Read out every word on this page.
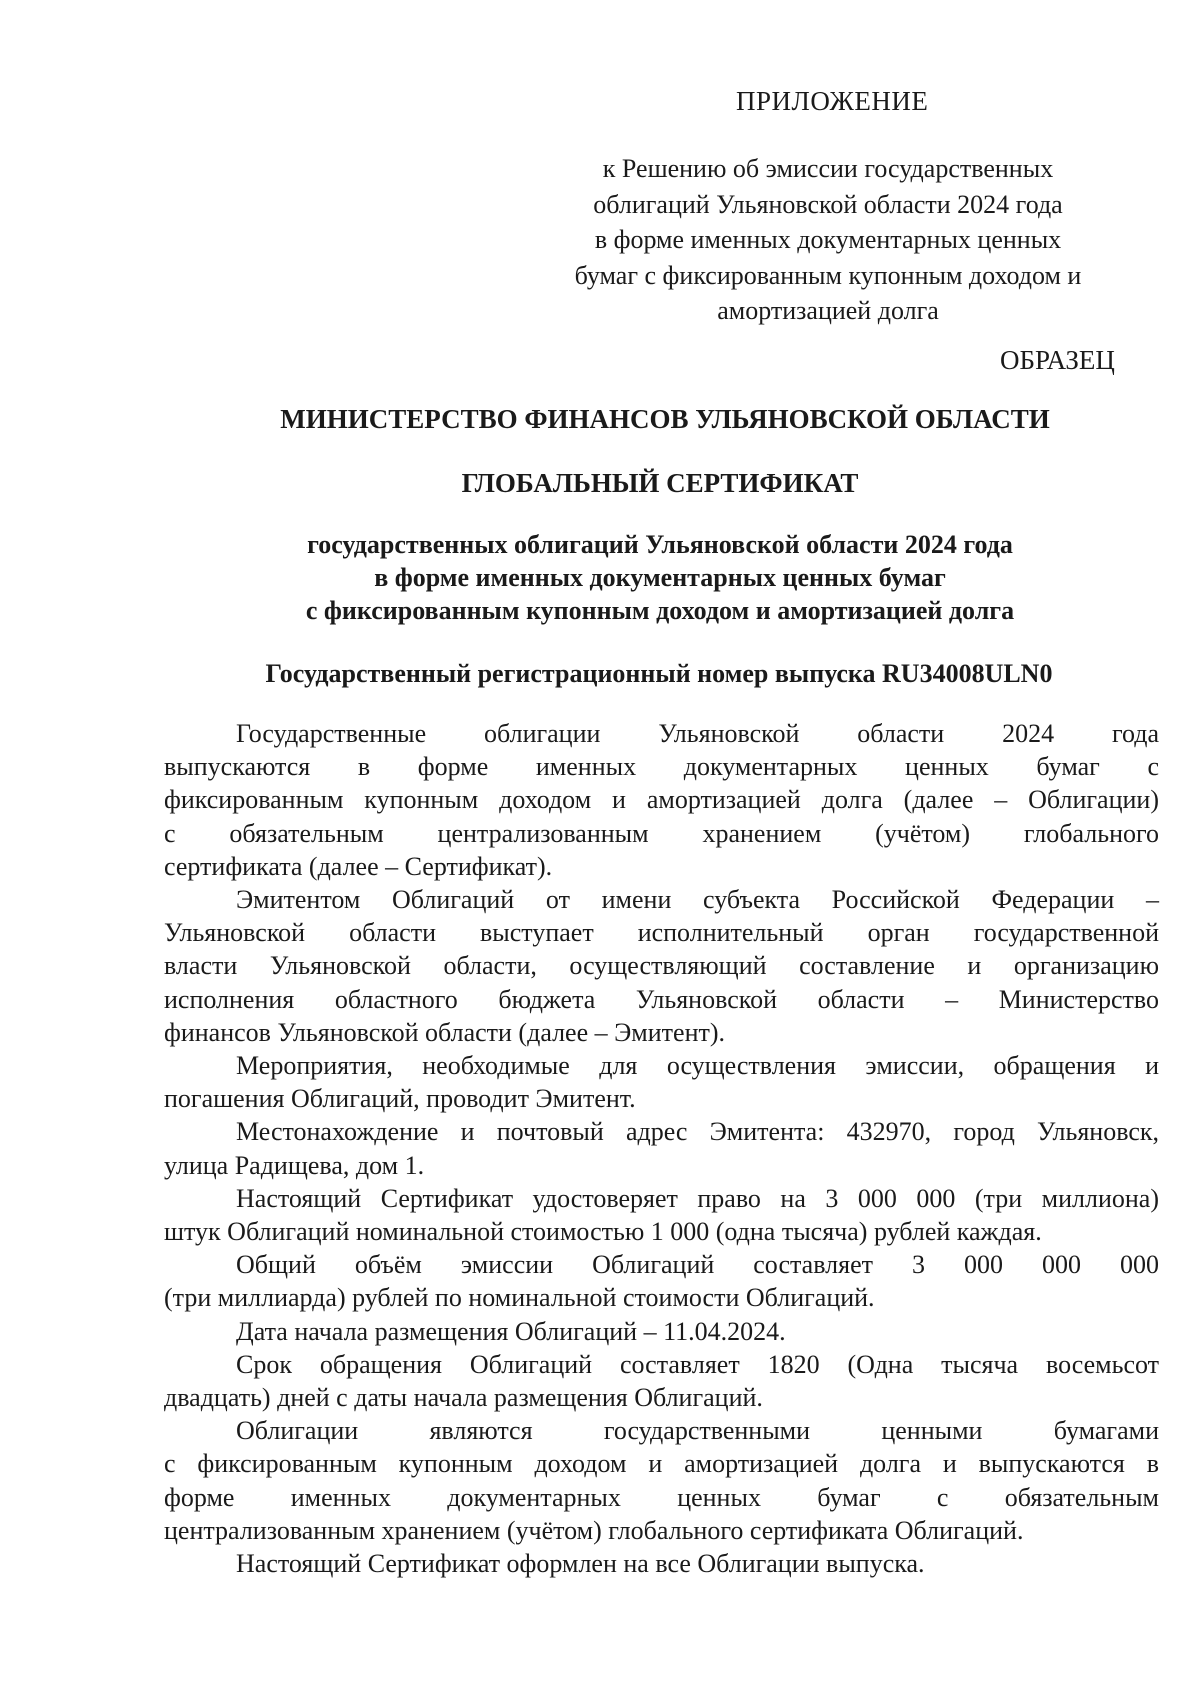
ПРИЛОЖЕНИЕ
к Решению об эмиссии государственных
облигаций Ульяновской области 2024 года
в форме именных документарных ценных
бумаг с фиксированным купонным доходом и
амортизацией долга
ОБРАЗЕЦ
МИНИСТЕРСТВО ФИНАНСОВ УЛЬЯНОВСКОЙ ОБЛАСТИ
ГЛОБАЛЬНЫЙ СЕРТИФИКАТ
государственных облигаций Ульяновской области 2024 года
в форме именных документарных ценных бумаг
с фиксированным купонным доходом и амортизацией долга
Государственный регистрационный номер выпуска RU34008ULN0
Государственные облигации Ульяновской области 2024 года
выпускаются в форме именных документарных ценных бумаг с
фиксированным купонным доходом и амортизацией долга (далее – Облигации)
с обязательным централизованным хранением (учётом) глобального
сертификата (далее – Сертификат).
Эмитентом Облигаций от имени субъекта Российской Федерации –
Ульяновской области выступает исполнительный орган государственной
власти Ульяновской области, осуществляющий составление и организацию
исполнения областного бюджета Ульяновской области – Министерство
финансов Ульяновской области (далее – Эмитент).
Мероприятия, необходимые для осуществления эмиссии, обращения и
погашения Облигаций, проводит Эмитент.
Местонахождение и почтовый адрес Эмитента: 432970, город Ульяновск,
улица Радищева, дом 1.
Настоящий Сертификат удостоверяет право на 3 000 000 (три миллиона)
штук Облигаций номинальной стоимостью 1 000 (одна тысяча) рублей каждая.
Общий объём эмиссии Облигаций составляет 3 000 000 000
(три миллиарда) рублей по номинальной стоимости Облигаций.
Дата начала размещения Облигаций – 11.04.2024.
Срок обращения Облигаций составляет 1820 (Одна тысяча восемьсот
двадцать) дней с даты начала размещения Облигаций.
Облигации являются государственными ценными бумагами
с фиксированным купонным доходом и амортизацией долга и выпускаются в
форме именных документарных ценных бумаг с обязательным
централизованным хранением (учётом) глобального сертификата Облигаций.
Настоящий Сертификат оформлен на все Облигации выпуска.
